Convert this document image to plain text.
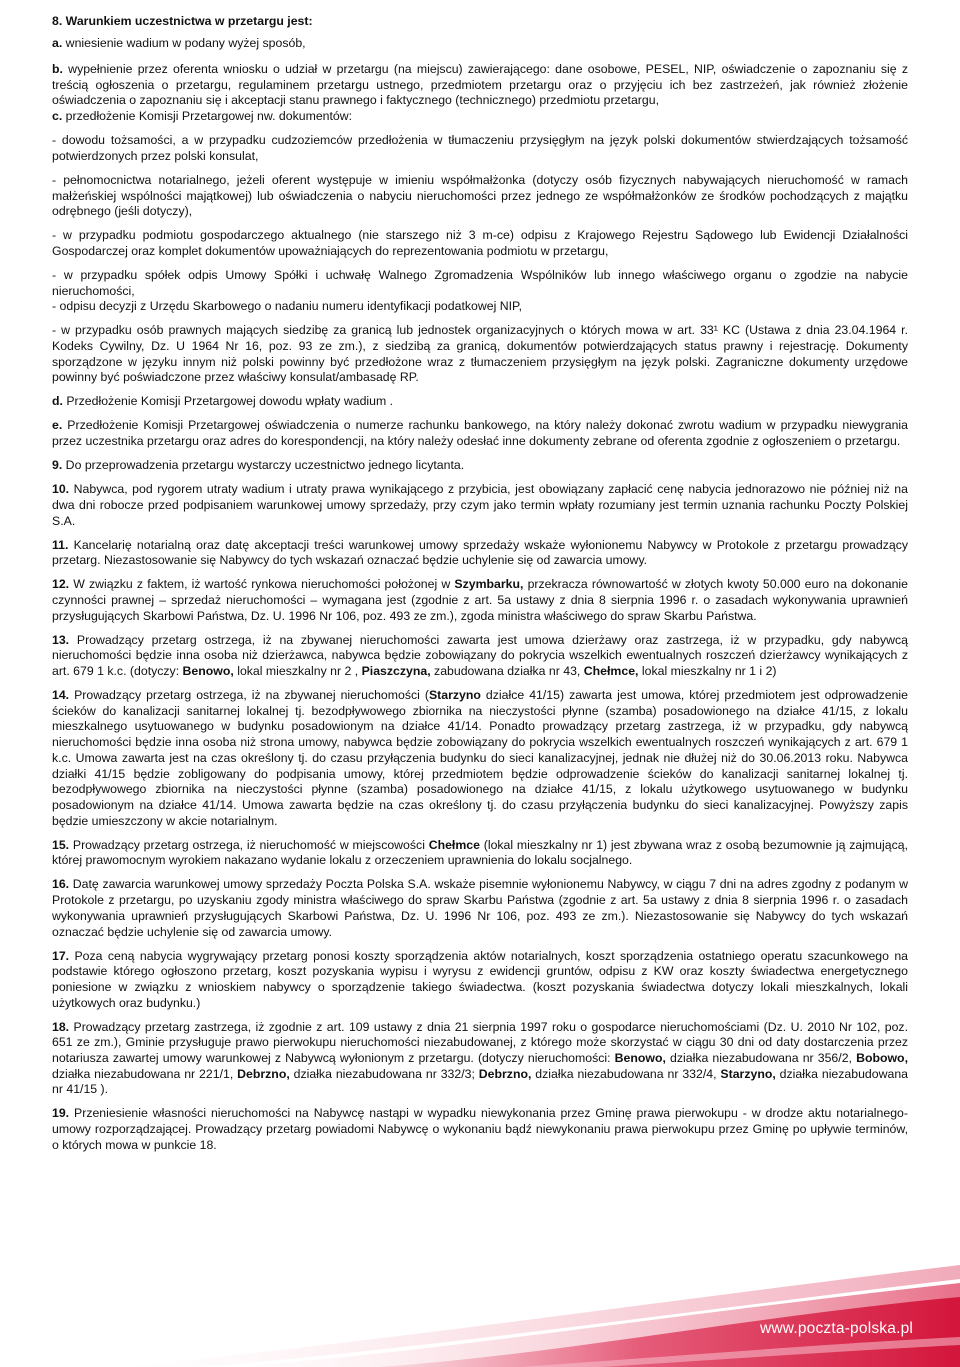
8. Warunkiem uczestnictwa w przetargu jest:
a. wniesienie wadium w podany wyżej sposób,
b. wypełnienie przez oferenta wniosku o udział w przetargu (na miejscu) zawierającego: dane osobowe, PESEL, NIP, oświadczenie o zapoznaniu się z treścią ogłoszenia o przetargu, regulaminem przetargu ustnego, przedmiotem przetargu oraz o przyjęciu ich bez zastrzeżeń, jak również złożenie oświadczenia o zapoznaniu się i akceptacji stanu prawnego i faktycznego (technicznego) przedmiotu przetargu,
c. przedłożenie Komisji Przetargowej nw. dokumentów:
- dowodu tożsamości, a w przypadku cudzoziemców przedłożenia w tłumaczeniu przysięgłym na język polski dokumentów stwierdzających tożsamość potwierdzonych przez polski konsulat,
- pełnomocnictwa notarialnego, jeżeli oferent występuje w imieniu współmałżonka (dotyczy osób fizycznych nabywających nieruchomość w ramach małżeńskiej wspólności majątkowej) lub oświadczenia o nabyciu nieruchomości przez jednego ze współmałżonków ze środków pochodzących z majątku odrębnego (jeśli dotyczy),
- w przypadku podmiotu gospodarczego aktualnego (nie starszego niż 3 m-ce) odpisu z Krajowego Rejestru Sądowego lub Ewidencji Działalności Gospodarczej oraz komplet dokumentów upoważniających do reprezentowania podmiotu w przetargu,
- w przypadku spółek odpis Umowy Spółki i uchwałę Walnego Zgromadzenia Wspólników lub innego właściwego organu o zgodzie na nabycie nieruchomości,
- odpisu decyzji z Urzędu Skarbowego o nadaniu numeru identyfikacji podatkowej NIP,
- w przypadku osób prawnych mających siedzibę za granicą lub jednostek organizacyjnych o których mowa w art. 33¹ KC (Ustawa z dnia 23.04.1964 r. Kodeks Cywilny, Dz. U 1964 Nr 16, poz. 93 ze zm.), z siedzibą za granicą, dokumentów potwierdzających status prawny i rejestrację. Dokumenty sporządzone w języku innym niż polski powinny być przedłożone wraz z tłumaczeniem przysięgłym na język polski. Zagraniczne dokumenty urzędowe powinny być poświadczone przez właściwy konsulat/ambasadę RP.
d. Przedłożenie Komisji Przetargowej dowodu wpłaty wadium .
e. Przedłożenie Komisji Przetargowej oświadczenia o numerze rachunku bankowego, na który należy dokonać zwrotu wadium w przypadku niewygrania przez uczestnika przetargu oraz adres do korespondencji, na który należy odesłać inne dokumenty zebrane od oferenta zgodnie z ogłoszeniem o przetargu.
9. Do przeprowadzenia przetargu wystarczy uczestnictwo jednego licytanta.
10. Nabywca, pod rygorem utraty wadium i utraty prawa wynikającego z przybicia, jest obowiązany zapłacić cenę nabycia jednorazowo nie później niż na dwa dni robocze przed podpisaniem warunkowej umowy sprzedaży, przy czym jako termin wpłaty rozumiany jest termin uznania rachunku Poczty Polskiej S.A.
11. Kancelarię notarialną oraz datę akceptacji treści warunkowej umowy sprzedaży wskaże wyłonionemu Nabywcy w Protokole z przetargu prowadzący przetarg. Niezastosowanie się Nabywcy do tych wskazań oznaczać będzie uchylenie się od zawarcia umowy.
12. W związku z faktem, iż wartość rynkowa nieruchomości położonej w Szymbarku, przekracza równowartość w złotych kwoty 50.000 euro na dokonanie czynności prawnej – sprzedaż nieruchomości – wymagana jest (zgodnie z art. 5a ustawy z dnia 8 sierpnia 1996 r. o zasadach wykonywania uprawnień przysługujących Skarbowi Państwa, Dz. U. 1996 Nr 106, poz. 493 ze zm.), zgoda ministra właściwego do spraw Skarbu Państwa.
13. Prowadzący przetarg ostrzega, iż na zbywanej nieruchomości zawarta jest umowa dzierżawy oraz zastrzega, iż w przypadku, gdy nabywcą nieruchomości będzie inna osoba niż dzierżawca, nabywca będzie zobowiązany do pokrycia wszelkich ewentualnych roszczeń dzierżawcy wynikających z art. 679 1 k.c. (dotyczy: Benowo, lokal mieszkalny nr 2 , Piaszczyna, zabudowana działka nr 43, Chełmce, lokal mieszkalny nr 1 i 2)
14. Prowadzący przetarg ostrzega, iż na zbywanej nieruchomości (Starzyno działce 41/15) zawarta jest umowa, której przedmiotem jest odprowadzenie ścieków do kanalizacji sanitarnej lokalnej tj. bezodpływowego zbiornika na nieczystości płynne (szamba) posadowionego na działce 41/15, z lokalu mieszkalnego usytuowanego w budynku posadowionym na działce 41/14. Ponadto prowadzący przetarg zastrzega, iż w przypadku, gdy nabywcą nieruchomości będzie inna osoba niż strona umowy, nabywca będzie zobowiązany do pokrycia wszelkich ewentualnych roszczeń wynikających z art. 679 1 k.c. Umowa zawarta jest na czas określony tj. do czasu przyłączenia budynku do sieci kanalizacyjnej, jednak nie dłużej niż do 30.06.2013 roku. Nabywca działki 41/15 będzie zobligowany do podpisania umowy, której przedmiotem będzie odprowadzenie ścieków do kanalizacji sanitarnej lokalnej tj. bezodpływowego zbiornika na nieczystości płynne (szamba) posadowionego na działce 41/15, z lokalu użytkowego usytuowanego w budynku posadowionym na działce 41/14. Umowa zawarta będzie na czas określony tj. do czasu przyłączenia budynku do sieci kanalizacyjnej. Powyższy zapis będzie umieszczony w akcie notarialnym.
15. Prowadzący przetarg ostrzega, iż nieruchomość w miejscowości Chełmce (lokal mieszkalny nr 1) jest zbywana wraz z osobą bezumownie ją zajmującą, której prawomocnym wyrokiem nakazano wydanie lokalu z orzeczeniem uprawnienia do lokalu socjalnego.
16. Datę zawarcia warunkowej umowy sprzedaży Poczta Polska S.A. wskaże pisemnie wyłonionemu Nabywcy, w ciągu 7 dni na adres zgodny z podanym w Protokole z przetargu, po uzyskaniu zgody ministra właściwego do spraw Skarbu Państwa (zgodnie z art. 5a ustawy z dnia 8 sierpnia 1996 r. o zasadach wykonywania uprawnień przysługujących Skarbowi Państwa, Dz. U. 1996 Nr 106, poz. 493 ze zm.). Niezastosowanie się Nabywcy do tych wskazań oznaczać będzie uchylenie się od zawarcia umowy.
17. Poza ceną nabycia wygrywający przetarg ponosi koszty sporządzenia aktów notarialnych, koszt sporządzenia ostatniego operatu szacunkowego na podstawie którego ogłoszono przetarg, koszt pozyskania wypisu i wyrysu z ewidencji gruntów, odpisu z KW oraz koszty świadectwa energetycznego poniesione w związku z wnioskiem nabywcy o sporządzenie takiego świadectwa. (koszt pozyskania świadectwa dotyczy lokali mieszkalnych, lokali użytkowych oraz budynku.)
18. Prowadzący przetarg zastrzega, iż zgodnie z art. 109 ustawy z dnia 21 sierpnia 1997 roku o gospodarce nieruchomościami (Dz. U. 2010 Nr 102, poz. 651 ze zm.), Gminie przysługuje prawo pierwokupu nieruchomości niezabudowanej, z którego może skorzystać w ciągu 30 dni od daty dostarczenia przez notariusza zawartej umowy warunkowej z Nabywcą wyłonionym z przetargu. (dotyczy nieruchomości: Benowo, działka niezabudowana nr 356/2, Bobowo, działka niezabudowana nr 221/1, Debrzno, działka niezabudowana nr 332/3; Debrzno, działka niezabudowana nr 332/4, Starzyno, działka niezabudowana nr 41/15 ).
19. Przeniesienie własności nieruchomości na Nabywcę nastąpi w wypadku niewykonania przez Gminę prawa pierwokupu - w drodze aktu notarialnego- umowy rozporządzającej. Prowadzący przetarg powiadomi Nabywcę o wykonaniu bądź niewykonaniu prawa pierwokupu przez Gminę po upływie terminów, o których mowa w punkcie 18.
www.poczta-polska.pl
